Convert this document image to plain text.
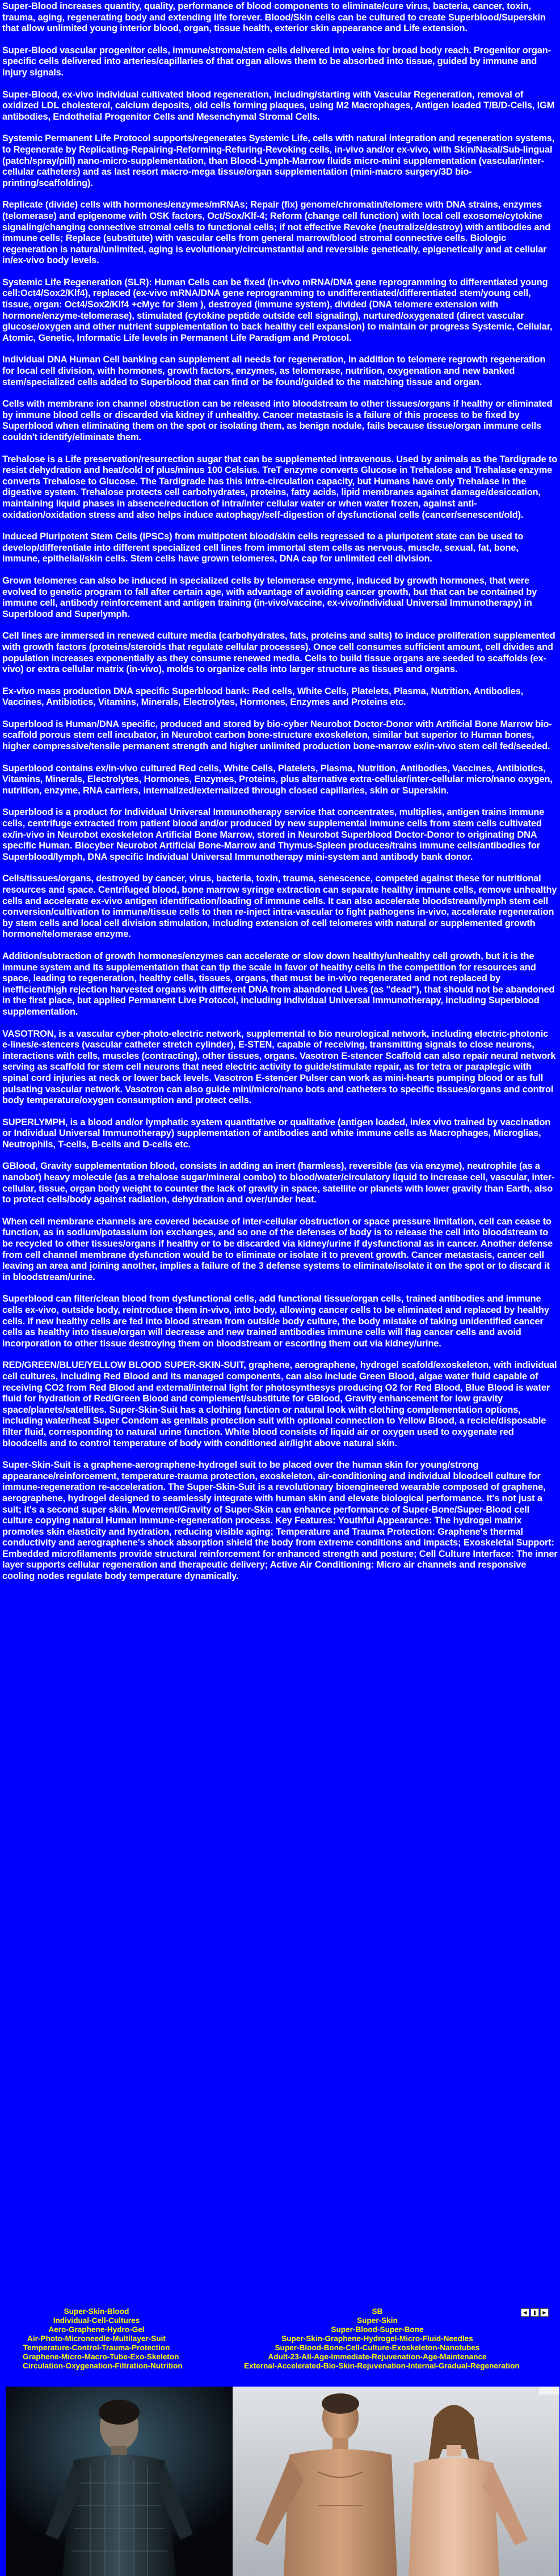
Super-Blood increases quantity, quality, performance of blood components to eliminate/cure virus, bacteria, cancer, toxin, trauma, aging, regenerating body and extending life forever. Blood/Skin cells can be cultured to create Superblood/Superskin that allow unlimited young interior blood, organ, tissue health, exterior skin appearance and Life extension.

Super-Blood vascular progenitor cells, immune/stroma/stem cells delivered into veins for broad body reach. Progenitor organ-specific cells delivered into arteries/capillaries of that organ allows them to be absorbed into tissue, guided by immune and injury signals.

Super-Blood, ex-vivo individual cultivated blood regeneration, including/starting with Vascular Regeneration, removal of oxidized LDL cholesterol, calcium deposits, old cells forming plaques, using M2 Macrophages, Antigen loaded T/B/D-Cells, IGM antibodies, Endothelial Progenitor Cells and Mesenchymal Stromal Cells.

Systemic Permanent Life Protocol supports/regenerates Systemic Life, cells with natural integration and regeneration systems, to Regenerate by Replicating-Repairing-Reforming-Refuring-Revoking cells, in-vivo and/or ex-vivo, with Skin/Nasal/Sub-lingual (patch/spray/pill) nano-micro-supplementation, than Blood-Lymph-Marrow fluids micro-mini supplementation (vascular/inter-cellular catheters) and as last resort macro-mega tissue/organ supplementation (mini-macro surgery/3D bio-printing/scaffolding).

Replicate (divide) cells with hormones/enzymes/mRNAs; Repair (fix) genome/chromatin/telomere with DNA strains, enzymes (telomerase) and epigenome with OSK factors, Oct/Sox/Klf-4; Reform (change cell function) with local cell exosome/cytokine signaling/changing connective stromal cells to functional cells; if not effective Revoke (neutralize/destroy) with antibodies and immune cells; Replace (substitute) with vascular cells from general marrow/blood stromal connective cells. Biologic regeneration is natural/unlimited, aging is evolutionary/circumstantial and reversible genetically, epigenetically and at cellular in/ex-vivo body levels.

Systemic Life Regeneration (SLR): Human Cells can be fixed (in-vivo mRNA/DNA gene reprogramming to differentiated young cell:Oct4/Sox2/Klf4), replaced (ex-vivo mRNA/DNA gene reprogramming to undifferentiated/differentiated stem/young cell, tissue, organ: Oct4/Sox2/Klf4 +cMyc for 3lem ), destroyed (immune system), divided (DNA telomere extension with hormone/enzyme-telomerase), stimulated (cytokine peptide outside cell signaling), nurtured/oxygenated (direct vascular glucose/oxygen and other nutrient supplementation to back healthy cell expansion) to maintain or progress Systemic, Cellular, Atomic, Genetic, Informatic Life levels in Permanent Life Paradigm and Protocol.

Individual DNA Human Cell banking can supplement all needs for regeneration, in addition to telomere regrowth regeneration for local cell division, with hormones, growth factors, enzymes, as telomerase, nutrition, oxygenation and new banked stem/specialized cells added to Superblood that can find or be found/guided to the matching tissue and organ.

Cells with membrane ion channel obstruction can be released into bloodstream to other tissues/organs if healthy or eliminated by immune blood cells or discarded via kidney if unhealthy. Cancer metastasis is a failure of this process to be fixed by Superblood when eliminating them on the spot or isolating them, as benign nodule, fails because tissue/organ immune cells couldn't identify/eliminate them.

Trehalose is a Life preservation/resurrection sugar that can be supplemented intravenous. Used by animals as the Tardigrade to resist dehydration and heat/cold of plus/minus 100 Celsius. TreT enzyme converts Glucose in Trehalose and Trehalase enzyme converts Trehalose to Glucose. The Tardigrade has this intra-circulation capacity, but Humans have only Trehalase in the digestive system. Trehalose protects cell carbohydrates, proteins, fatty acids, lipid membranes against damage/desiccation, maintaining liquid phases in absence/reduction of intra/inter cellular water or when water frozen, against anti-oxidation/oxidation stress and also helps induce autophagy/self-digestion of dysfunctional cells (cancer/senescent/old).

Induced Pluripotent Stem Cells (IPSCs) from multipotent blood/skin cells regressed to a pluripotent state can be used to develop/differentiate into different specialized cell lines from immortal stem cells as nervous, muscle, sexual, fat, bone, immune, epithelial/skin cells. Stem cells have grown telomeres, DNA cap for unlimited cell division.

Grown telomeres can also be induced in specialized cells by telomerase enzyme, induced by growth hormones, that were evolved to genetic program to fall after certain age, with advantage of avoiding cancer growth, but that can be contained by immune cell, antibody reinforcement and antigen training (in-vivo/vaccine, ex-vivo/individual Universal Immunotherapy) in Superblood and Superlymph.

Cell lines are immersed in renewed culture media (carbohydrates, fats, proteins and salts) to induce proliferation supplemented with growth factors (proteins/steroids that regulate cellular processes). Once cell consumes sufficient amount, cell divides and population increases exponentially as they consume renewed media. Cells to build tissue organs are seeded to scaffolds (ex-vivo) or extra cellular matrix (in-vivo), molds to organize cells into larger structure as tissues and organs.

Ex-vivo mass production DNA specific Superblood bank: Red cells, White Cells, Platelets, Plasma, Nutrition, Antibodies, Vaccines, Antibiotics, Vitamins, Minerals, Electrolytes, Hormones, Enzymes and Proteins etc.

Superblood is Human/DNA specific, produced and stored by bio-cyber Neurobot Doctor-Donor with Artificial Bone Marrow bio-scaffold porous stem cell incubator, in Neurobot carbon bone-structure exoskeleton, similar but superior to Human bones, higher compressive/tensile permanent strength and higher unlimited production bone-marrow ex/in-vivo stem cell fed/seeded.

Superblood contains ex/in-vivo cultured Red cells, White Cells, Platelets, Plasma, Nutrition, Antibodies, Vaccines, Antibiotics, Vitamins, Minerals, Electrolytes, Hormones, Enzymes, Proteins, plus alternative extra-cellular/inter-cellular micro/nano oxygen, nutrition, enzyme, RNA carriers, internalized/externalized through closed capillaries, skin or Superskin.

Superblood is a product for Individual Universal Immunotherapy service that concentrates, multiplies, antigen trains immune cells, centrifuge extracted from patient blood and/or produced by new supplemental immune cells from stem cells cultivated ex/in-vivo in Neurobot exoskeleton Artificial Bone Marrow, stored in Neurobot Superblood Doctor-Donor to originating DNA specific Human. Biocyber Neurobot Artificial Bone-Marrow and Thymus-Spleen produces/trains immune cells/antibodies for Superblood/lymph, DNA specific Individual Universal Immunotherapy mini-system and antibody bank donor.

Cells/tissues/organs, destroyed by cancer, virus, bacteria, toxin, trauma, senescence, competed against these for nutritional resources and space. Centrifuged blood, bone marrow syringe extraction can separate healthy immune cells, remove unhealthy cells and accelerate ex-vivo antigen identification/loading of immune cells. It can also accelerate bloodstream/lymph stem cell conversion/cultivation to immune/tissue cells to then re-inject intra-vascular to fight pathogens in-vivo, accelerate regeneration by stem cells and local cell division stimulation, including extension of cell telomeres with natural or supplemented growth hormone/telomerase enzyme.

Addition/subtraction of growth hormones/enzymes can accelerate or slow down healthy/unhealthy cell growth, but it is the immune system and its supplementation that can tip the scale in favor of healthy cells in the competition for resources and space, leading to regeneration, healthy cells, tissues, organs, that must be in-vivo regenerated and not replaced by inefficient/high rejection harvested organs with different DNA from abandoned Lives (as "dead"), that should not be abandoned in the first place, but applied Permanent Live Protocol, including individual Universal Immunotherapy, including Superblood supplementation.

VASOTRON, is a vascular cyber-photo-electric network, supplemental to bio neurological network, including electric-photonic e-lines/e-stencers (vascular catheter stretch cylinder), E-STEN, capable of receiving, transmitting signals to close neurons, interactions with cells, muscles (contracting), other tissues, organs. Vasotron E-stencer Scaffold can also repair neural network serving as scaffold for stem cell neurons that need electric activity to guide/stimulate repair, as for tetra or paraplegic with spinal cord injuries at neck or lower back levels. Vasotron E-stencer Pulser can work as mini-hearts pumping blood or as full pulsating vascular network. Vasotron can also guide mini/micro/nano bots and catheters to specific tissues/organs and control body temperature/oxygen consumption and protect cells.

SUPERLYMPH, is a blood and/or lymphatic system quantitative or qualitative (antigen loaded, in/ex vivo trained by vaccination or Individual Universal Immunotherapy) supplementation of antibodies and white immune cells as Macrophages, Microglias, Neutrophils, T-cells, B-cells and D-cells etc.

GBlood, Gravity supplementation blood, consists in adding an inert (harmless), reversible (as via enzyme), neutrophile (as a nanobot) heavy molecule (as a trehalose sugar/mineral combo) to blood/water/circulatory liquid to increase cell, vascular, inter-cellular, tissue, organ body weight to counter the lack of gravity in space, satellite or planets with lower gravity than Earth, also to protect cells/body against radiation, dehydration and over/under heat.

When cell membrane channels are covered because of inter-cellular obstruction or space pressure limitation, cell can cease to function, as in sodium/potassium ion exchanges, and so one of the defenses of body is to release the cell into bloodstream to be recycled to other tissues/organs if healthy or to be discarded via kidney/urine if dysfunctional as in cancer. Another defense from cell channel membrane dysfunction would be to eliminate or isolate it to prevent growth. Cancer metastasis, cancer cell leaving an area and joining another, implies a failure of the 3 defense systems to eliminate/isolate it on the spot or to discard it in bloodstream/urine.

Superblood can filter/clean blood from dysfunctional cells, add functional tissue/organ cells, trained antibodies and immune cells ex-vivo, outside body, reintroduce them in-vivo, into body, allowing cancer cells to be eliminated and replaced by healthy cells. If new healthy cells are fed into blood stream from outside body culture, the body mistake of taking unidentified cancer cells as healthy into tissue/organ will decrease and new trained antibodies immune cells will flag cancer cells and avoid incorporation to other tissue destroying them on bloodstream or escorting them out via kidney/urine.

RED/GREEN/BLUE/YELLOW BLOOD SUPER-SKIN-SUIT, graphene, aerographene, hydrogel scafold/exoskeleton, with individual cell cultures, including Red Blood and its managed components, can also include Green Blood, algae water fluid capable of receiving CO2 from Red Blood and external/internal light for photosynthesys producing O2 for Red Blood, Blue Blood is water fluid for hydration of Red/Green Blood and complement/substitute for GBlood, Gravity enhancement for low gravity space/planets/satellites. Super-Skin-Suit has a clothing function or natural look with clothing complementation options, including water/heat Super Condom as genitals protection suit with optional connection to Yellow Blood, a recicle/disposable filter fluid, corresponding to natural urine function. White blood consists of liquid air or oxygen used to oxygenate red bloodcells and to control temperature of body with conditioned air/light above natural skin.

Super-Skin-Suit is a graphene-aerographene-hydrogel suit to be placed over the human skin for young/strong appearance/reinforcement, temperature-trauma protection, exoskeleton, air-conditioning and individual bloodcell culture for immune-regeneration re-acceleration. The Super-Skin-Suit is a revolutionary bioengineered wearable composed of graphene, aerographene, hydrogel designed to seamlessly integrate with human skin and elevate biological performance. It's not just a suit; it's a second super skin. Movement/Gravity of Super-Skin can enhance performance of Super-Bone/Super-Blood cell culture copying natural Human immune-regeneration process. Key Features: Youthful Appearance: The hydrogel matrix promotes skin elasticity and hydration, reducing visible aging; Temperature and Trauma Protection: Graphene's thermal conductivity and aerographene's shock absorption shield the body from extreme conditions and impacts; Exoskeletal Support: Embedded microfilaments provide structural reinforcement for enhanced strength and posture; Cell Culture Interface: The inner layer supports cellular regeneration and therapeutic delivery; Active Air Conditioning: Micro air channels and responsive cooling nodes regulate body temperature dynamically.

Super-Skin-Blood
Individual-Cell-Cultures
Aero-Graphene-Hydro-Gel
Air-Photo-Microneedle-Multilayer-Suit
Temperature-Control-Trauma-Protection
Graphene-Micro-Macro-Tube-Exo-Skeleton
Circulation-Oxygenation-Filtration-Nutrition
SB
Super-Skin
Super-Blood-Super-Bone
Super-Skin-Graphene-Hydrogel-Micro-Fluid-Needles
Super-Blood-Bone-Cell-Culture-Exoskeleton-Nanotubes
Adult-23-All-Age-Immediate-Rejuvenation-Age-Maintenance
External-Accelerated-Bio-Skin-Rejuvenation-Internal-Gradual-Regeneration
◀	❚	▶
